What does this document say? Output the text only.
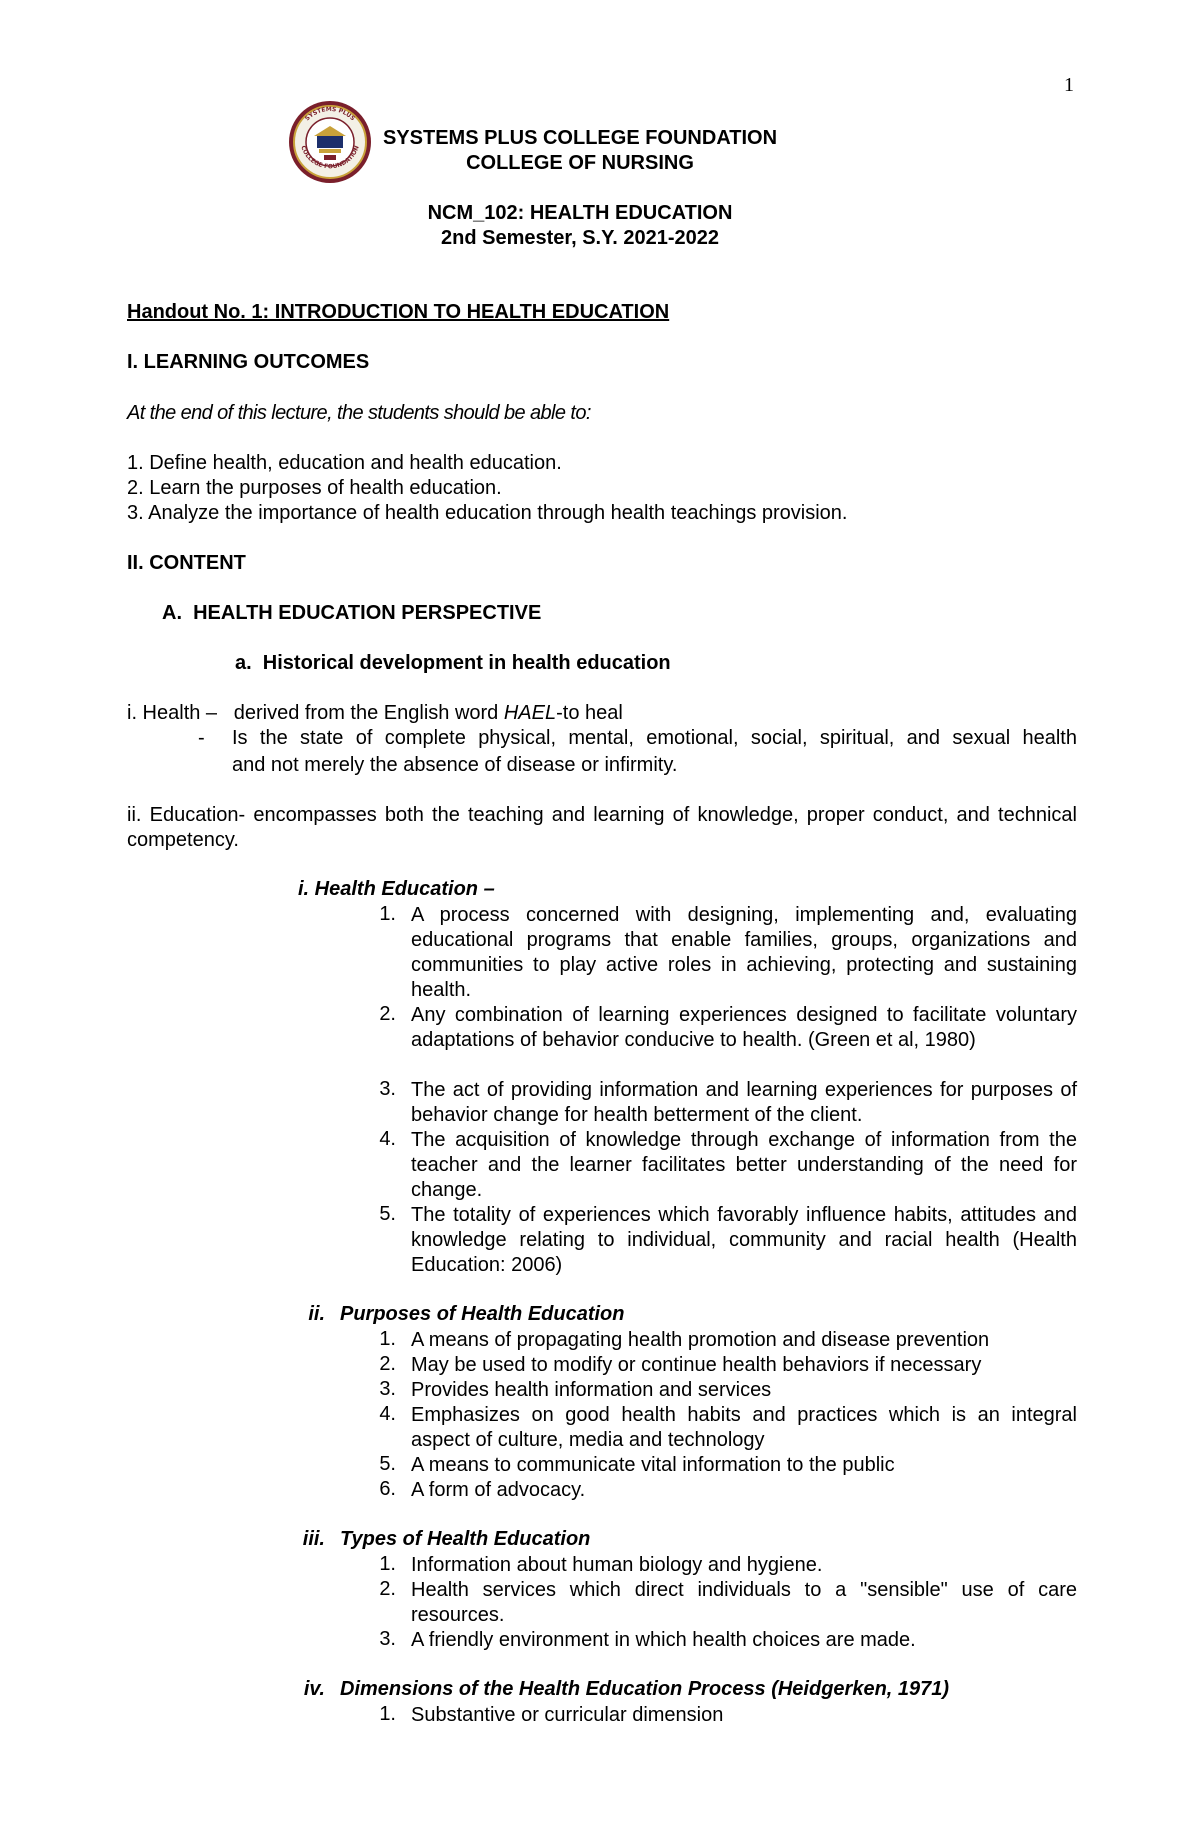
1
SYSTEMS PLUS
COLLEGE FOUNDATION	SYSTEMS PLUS COLLEGE FOUNDATION
COLLEGE OF NURSING
NCM_102: HEALTH EDUCATION
2nd Semester, S.Y. 2021-2022
Handout No. 1: INTRODUCTION TO HEALTH EDUCATION
I. LEARNING OUTCOMES
At the end of this lecture, the students should be able to:
1. Define health, education and health education.
2. Learn the purposes of health education.
3. Analyze the importance of health education through health teachings provision.
II. CONTENT
A.  HEALTH EDUCATION PERSPECTIVE
a.  Historical development in health education
i. Health –   derived from the English word HAEL-to heal
- Is the state of complete physical, mental, emotional, social, spiritual, and sexual health
and not merely the absence of disease or infirmity.
ii. Education- encompasses both the teaching and learning of knowledge, proper conduct, and technical competency.
i. Health Education –
1. A process concerned with designing, implementing and, evaluating educational programs that enable families, groups, organizations and communities to play active roles in achieving, protecting and sustaining health.
2. Any combination of learning experiences designed to facilitate voluntary adaptations of behavior conducive to health. (Green et al, 1980)
3. The act of providing information and learning experiences for purposes of behavior change for health betterment of the client.
4. The acquisition of knowledge through exchange of information from the teacher and the learner facilitates better understanding of the need for change.
5. The totality of experiences which favorably influence habits, attitudes and knowledge relating to individual, community and racial health (Health Education: 2006)
ii. Purposes of Health Education
1. A means of propagating health promotion and disease prevention
2. May be used to modify or continue health behaviors if necessary
3. Provides health information and services
4. Emphasizes on good health habits and practices which is an integral aspect of culture, media and technology
5. A means to communicate vital information to the public
6. A form of advocacy.
iii. Types of Health Education
1. Information about human biology and hygiene.
2. Health services which direct individuals to a "sensible" use of care resources.
3. A friendly environment in which health choices are made.
iv. Dimensions of the Health Education Process (Heidgerken, 1971)
1. Substantive or curricular dimension
